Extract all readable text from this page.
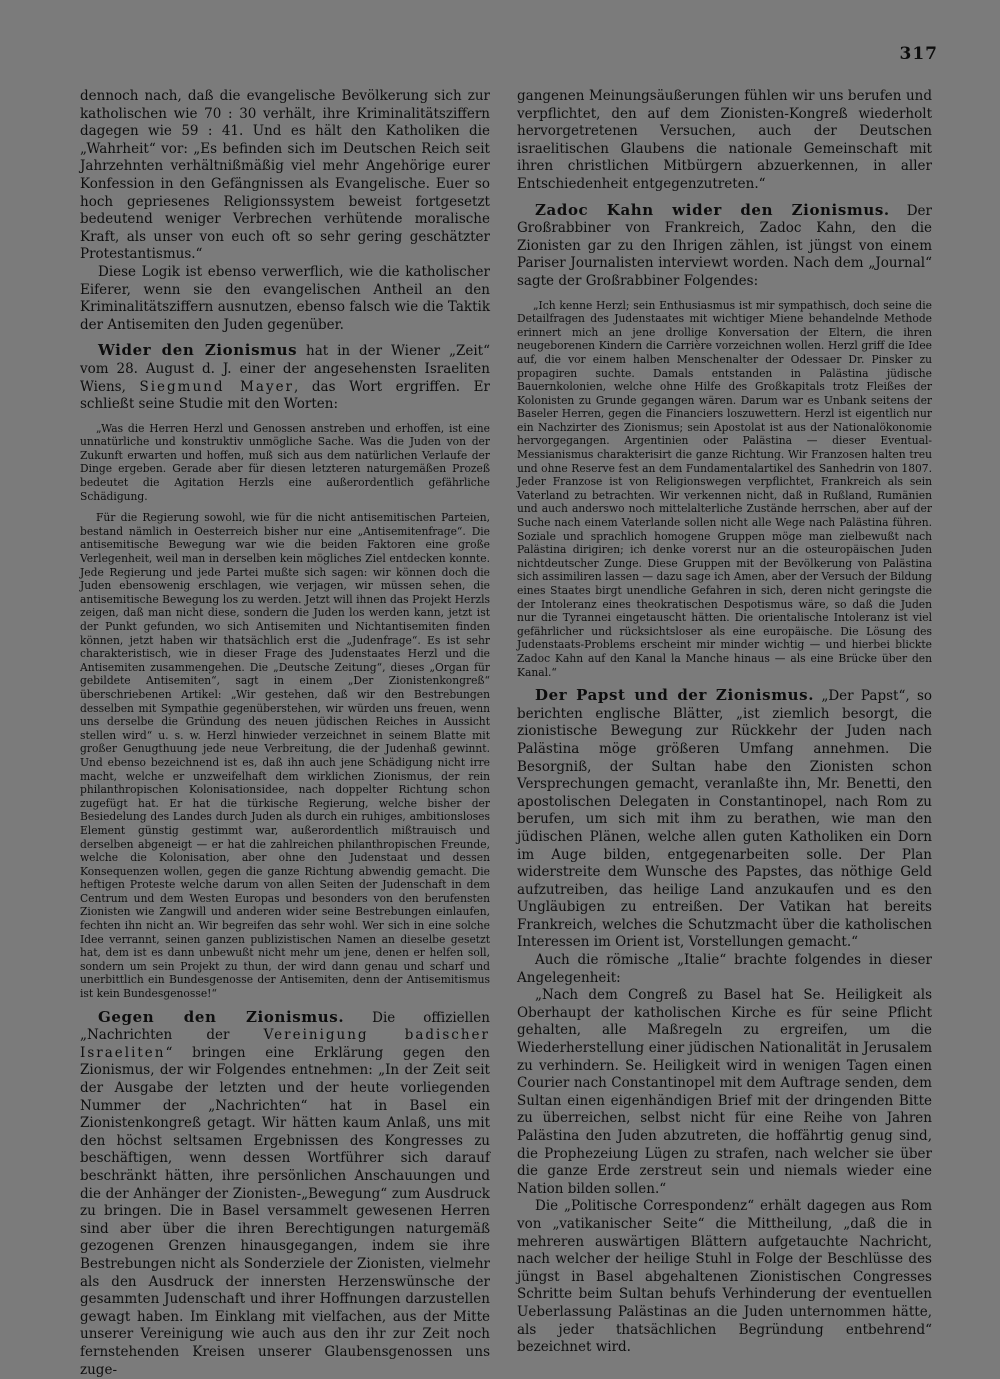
317

dennoch nach, daß die evangelische Bevölkerung sich zur katholischen wie 70 : 30 verhält, ihre Kriminalitätsziffern dagegen wie 59 : 41. Und es hält den Katholiken die „Wahrheit“ vor: „Es befinden sich im Deutschen Reich seit Jahrzehnten verhältnißmäßig viel mehr Angehörige eurer Konfession in den Gefängnissen als Evangelische. Euer so hoch gepriesenes Religionssystem beweist fortgesetzt bedeutend weniger Verbrechen verhütende moralische Kraft, als unser von euch oft so sehr gering geschätzter Protestantismus.“

Diese Logik ist ebenso verwerflich, wie die katholischer Eiferer, wenn sie den evangelischen Antheil an den Kriminalitätsziffern ausnutzen, ebenso falsch wie die Taktik der Antisemiten den Juden gegenüber.

Wider den Zionismus hat in der Wiener „Zeit“ vom 28. August d. J. einer der angesehensten Israeliten Wiens, Siegmund Mayer, das Wort ergriffen. Er schließt seine Studie mit den Worten:

„Was die Herren Herzl und Genossen anstreben und erhoffen, ist eine unnatürliche und konstruktiv unmögliche Sache. Was die Juden von der Zukunft erwarten und hoffen, muß sich aus dem natürlichen Verlaufe der Dinge ergeben. Gerade aber für diesen letzteren naturgemäßen Prozeß bedeutet die Agitation Herzls eine außerordentlich gefährliche Schädigung.

Für die Regierung sowohl, wie für die nicht antisemitischen Parteien, bestand nämlich in Oesterreich bisher nur eine „Antisemitenfrage“. Die antisemitische Bewegung war wie die beiden Faktoren eine große Verlegenheit, weil man in derselben kein mögliches Ziel entdecken konnte. Jede Regierung und jede Partei mußte sich sagen: wir können doch die Juden ebensowenig erschlagen, wie verjagen, wir müssen sehen, die antisemitische Bewegung los zu werden. Jetzt will ihnen das Projekt Herzls zeigen, daß man nicht diese, sondern die Juden los werden kann, jetzt ist der Punkt gefunden, wo sich Antisemiten und Nichtantisemiten finden können, jetzt haben wir thatsächlich erst die „Judenfrage“. Es ist sehr charakteristisch, wie in dieser Frage des Judenstaates Herzl und die Antisemiten zusammengehen. Die „Deutsche Zeitung“, dieses „Organ für gebildete Antisemiten“, sagt in einem „Der Zionistenkongreß“ überschriebenen Artikel: „Wir gestehen, daß wir den Bestrebungen desselben mit Sympathie gegenüberstehen, wir würden uns freuen, wenn uns derselbe die Gründung des neuen jüdischen Reiches in Aussicht stellen wird“ u. s. w. Herzl hinwieder verzeichnet in seinem Blatte mit großer Genugthuung jede neue Verbreitung, die der Judenhaß gewinnt. Und ebenso bezeichnend ist es, daß ihn auch jene Schädigung nicht irre macht, welche er unzweifelhaft dem wirklichen Zionismus, der rein philanthropischen Kolonisationsidee, nach doppelter Richtung schon zugefügt hat. Er hat die türkische Regierung, welche bisher der Besiedelung des Landes durch Juden als durch ein ruhiges, ambitionsloses Element günstig gestimmt war, außerordentlich mißtrauisch und derselben abgeneigt — er hat die zahlreichen philanthropischen Freunde, welche die Kolonisation, aber ohne den Judenstaat und dessen Konsequenzen wollen, gegen die ganze Richtung abwendig gemacht. Die heftigen Proteste welche darum von allen Seiten der Judenschaft in dem Centrum und dem Westen Europas und besonders von den berufensten Zionisten wie Zangwill und anderen wider seine Bestrebungen einlaufen, fechten ihn nicht an. Wir begreifen das sehr wohl. Wer sich in eine solche Idee verrannt, seinen ganzen publizistischen Namen an dieselbe gesetzt hat, dem ist es dann unbewußt nicht mehr um jene, denen er helfen soll, sondern um sein Projekt zu thun, der wird dann genau und scharf und unerbittlich ein Bundesgenosse der Antisemiten, denn der Antisemitismus ist kein Bundesgenosse!“

Gegen den Zionismus. Die offiziellen „Nachrichten der Vereinigung badischer Israeliten“ bringen eine Erklärung gegen den Zionismus, der wir Folgendes entnehmen: „In der Zeit seit der Ausgabe der letzten und der heute vorliegenden Nummer der „Nachrichten“ hat in Basel ein Zionistenkongreß getagt. Wir hätten kaum Anlaß, uns mit den höchst seltsamen Ergebnissen des Kongresses zu beschäftigen, wenn dessen Wortführer sich darauf beschränkt hätten, ihre persönlichen Anschauungen und die der Anhänger der Zionisten-„Bewegung“ zum Ausdruck zu bringen. Die in Basel versammelt gewesenen Herren sind aber über die ihren Berechtigungen naturgemäß gezogenen Grenzen hinausgegangen, indem sie ihre Bestrebungen nicht als Sonderziele der Zionisten, vielmehr als den Ausdruck der innersten Herzenswünsche der gesammten Judenschaft und ihrer Hoffnungen darzustellen gewagt haben. Im Einklang mit vielfachen, aus der Mitte unserer Vereinigung wie auch aus den ihr zur Zeit noch fernstehenden Kreisen unserer Glaubensgenossen uns zuge-

gangenen Meinungsäußerungen fühlen wir uns berufen und verpflichtet, den auf dem Zionisten-Kongreß wiederholt hervorgetretenen Versuchen, auch der Deutschen israelitischen Glaubens die nationale Gemeinschaft mit ihren christlichen Mitbürgern abzuerkennen, in aller Entschiedenheit entgegenzutreten.“

Zadoc Kahn wider den Zionismus. Der Großrabbiner von Frankreich, Zadoc Kahn, den die Zionisten gar zu den Ihrigen zählen, ist jüngst von einem Pariser Journalisten interviewt worden. Nach dem „Journal“ sagte der Großrabbiner Folgendes:

„Ich kenne Herzl; sein Enthusiasmus ist mir sympathisch, doch seine die Detailfragen des Judenstaates mit wichtiger Miene behandelnde Methode erinnert mich an jene drollige Konversation der Eltern, die ihren neugeborenen Kindern die Carrière vorzeichnen wollen. Herzl griff die Idee auf, die vor einem halben Menschenalter der Odessaer Dr. Pinsker zu propagiren suchte. Damals entstanden in Palästina jüdische Bauernkolonien, welche ohne Hilfe des Großkapitals trotz Fleißes der Kolonisten zu Grunde gegangen wären. Darum war es Unbank seitens der Baseler Herren, gegen die Financiers loszuwettern. Herzl ist eigentlich nur ein Nachzirter des Zionismus; sein Apostolat ist aus der Nationalökonomie hervorgegangen. Argentinien oder Palästina — dieser Eventual-Messianismus charakterisirt die ganze Richtung. Wir Franzosen halten treu und ohne Reserve fest an dem Fundamentalartikel des Sanhedrin von 1807. Jeder Franzose ist von Religionswegen verpflichtet, Frankreich als sein Vaterland zu betrachten. Wir verkennen nicht, daß in Rußland, Rumänien und auch anderswo noch mittelalterliche Zustände herrschen, aber auf der Suche nach einem Vaterlande sollen nicht alle Wege nach Palästina führen. Soziale und sprachlich homogene Gruppen möge man zielbewußt nach Palästina dirigiren; ich denke vorerst nur an die osteuropäischen Juden nichtdeutscher Zunge. Diese Gruppen mit der Bevölkerung von Palästina sich assimiliren lassen — dazu sage ich Amen, aber der Versuch der Bildung eines Staates birgt unendliche Gefahren in sich, deren nicht geringste die der Intoleranz eines theokratischen Despotismus wäre, so daß die Juden nur die Tyrannei eingetauscht hätten. Die orientalische Intoleranz ist viel gefährlicher und rücksichtsloser als eine europäische. Die Lösung des Judenstaats-Problems erscheint mir minder wichtig — und hierbei blickte Zadoc Kahn auf den Kanal la Manche hinaus — als eine Brücke über den Kanal.“

Der Papst und der Zionismus. „Der Papst“, so berichten englische Blätter, „ist ziemlich besorgt, die zionistische Bewegung zur Rückkehr der Juden nach Palästina möge größeren Umfang annehmen. Die Besorgniß, der Sultan habe den Zionisten schon Versprechungen gemacht, veranlaßte ihn, Mr. Benetti, den apostolischen Delegaten in Constantinopel, nach Rom zu berufen, um sich mit ihm zu berathen, wie man den jüdischen Plänen, welche allen guten Katholiken ein Dorn im Auge bilden, entgegenarbeiten solle. Der Plan widerstreite dem Wunsche des Papstes, das nöthige Geld aufzutreiben, das heilige Land anzukaufen und es den Ungläubigen zu entreißen. Der Vatikan hat bereits Frankreich, welches die Schutzmacht über die katholischen Interessen im Orient ist, Vorstellungen gemacht.“

Auch die römische „Italie“ brachte folgendes in dieser Angelegenheit:

„Nach dem Congreß zu Basel hat Se. Heiligkeit als Oberhaupt der katholischen Kirche es für seine Pflicht gehalten, alle Maßregeln zu ergreifen, um die Wiederherstellung einer jüdischen Nationalität in Jerusalem zu verhindern. Se. Heiligkeit wird in wenigen Tagen einen Courier nach Constantinopel mit dem Auftrage senden, dem Sultan einen eigenhändigen Brief mit der dringenden Bitte zu überreichen, selbst nicht für eine Reihe von Jahren Palästina den Juden abzutreten, die hoffährtig genug sind, die Prophezeiung Lügen zu strafen, nach welcher sie über die ganze Erde zerstreut sein und niemals wieder eine Nation bilden sollen.“

Die „Politische Correspondenz“ erhält dagegen aus Rom von „vatikanischer Seite“ die Mittheilung, „daß die in mehreren auswärtigen Blättern aufgetauchte Nachricht, nach welcher der heilige Stuhl in Folge der Beschlüsse des jüngst in Basel abgehaltenen Zionistischen Congresses Schritte beim Sultan behufs Verhinderung der eventuellen Ueberlassung Palästinas an die Juden unternommen hätte, als jeder thatsächlichen Begründung entbehrend“ bezeichnet wird.
